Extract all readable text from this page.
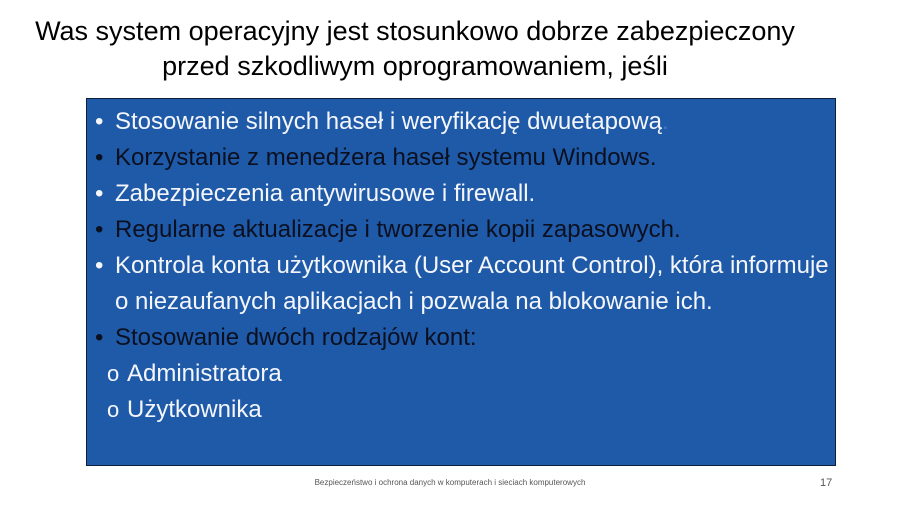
Was system operacyjny jest stosunkowo dobrze zabezpieczony przed szkodliwym oprogramowaniem, jeśli
• Stosowanie silnych haseł i weryfikację dwuetapową.
• Korzystanie z menedżera haseł systemu Windows.
• Zabezpieczenia antywirusowe i firewall.
• Regularne aktualizacje i tworzenie kopii zapasowych.
• Kontrola konta użytkownika (User Account Control), która informuje o niezaufanych aplikacjach i pozwala na blokowanie ich.
• Stosowanie dwóch rodzajów kont:
o Administratora
o Użytkownika
Bezpieczeństwo i ochrona danych w komputerach i sieciach komputerowych	17
